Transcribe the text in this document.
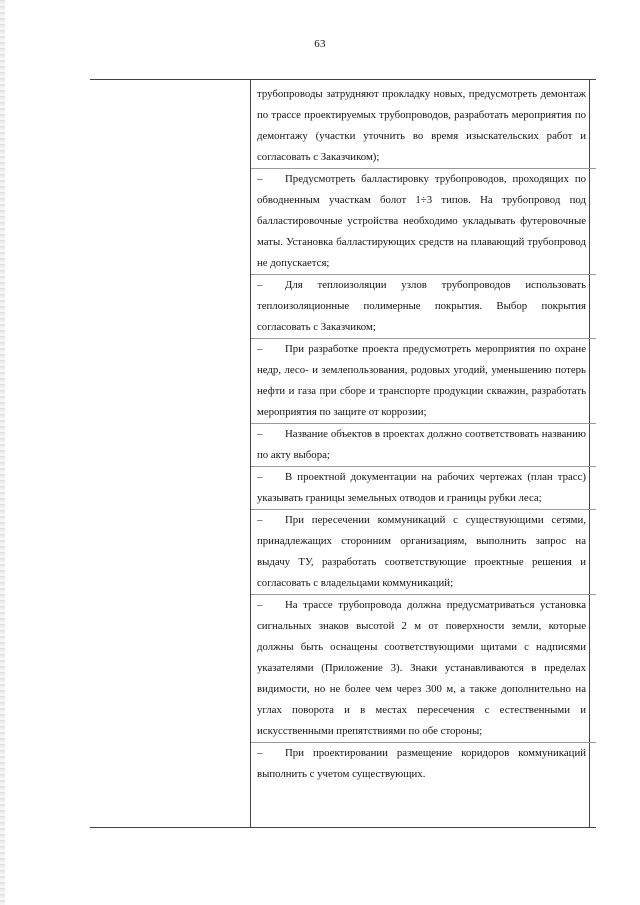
63
трубопроводы затрудняют прокладку новых, предусмотреть демонтаж по трассе проектируемых трубопроводов, разработать мероприятия по демонтажу (участки уточнить во время изыскательских работ и согласовать с Заказчиком);
– Предусмотреть балластировку трубопроводов, проходящих по обводненным участкам болот 1÷3 типов. На трубопровод под балластировочные устройства необходимо укладывать футеровочные маты. Установка балластирующих средств на плавающий трубопровод не допускается;
– Для теплоизоляции узлов трубопроводов использовать теплоизоляционные полимерные покрытия. Выбор покрытия согласовать с Заказчиком;
– При разработке проекта предусмотреть мероприятия по охране недр, лесо- и землепользования, родовых угодий, уменьшению потерь нефти и газа при сборе и транспорте продукции скважин, разработать мероприятия по защите от коррозии;
– Название объектов в проектах должно соответствовать названию по акту выбора;
– В проектной документации на рабочих чертежах (план трасс) указывать границы земельных отводов и границы рубки леса;
– При пересечении коммуникаций с существующими сетями, принадлежащих сторонним организациям, выполнить запрос на выдачу ТУ, разработать соответствующие проектные решения и согласовать с владельцами коммуникаций;
– На трассе трубопровода должна предусматриваться установка сигнальных знаков высотой 2 м от поверхности земли, которые должны быть оснащены соответствующими щитами с надписями указателями (Приложение 3). Знаки устанавливаются в пределах видимости, но не более чем через 300 м, а также дополнительно на углах поворота и в местах пересечения с естественными и искусственными препятствиями по обе стороны;
– При проектировании размещение коридоров коммуникаций выполнить с учетом существующих.
